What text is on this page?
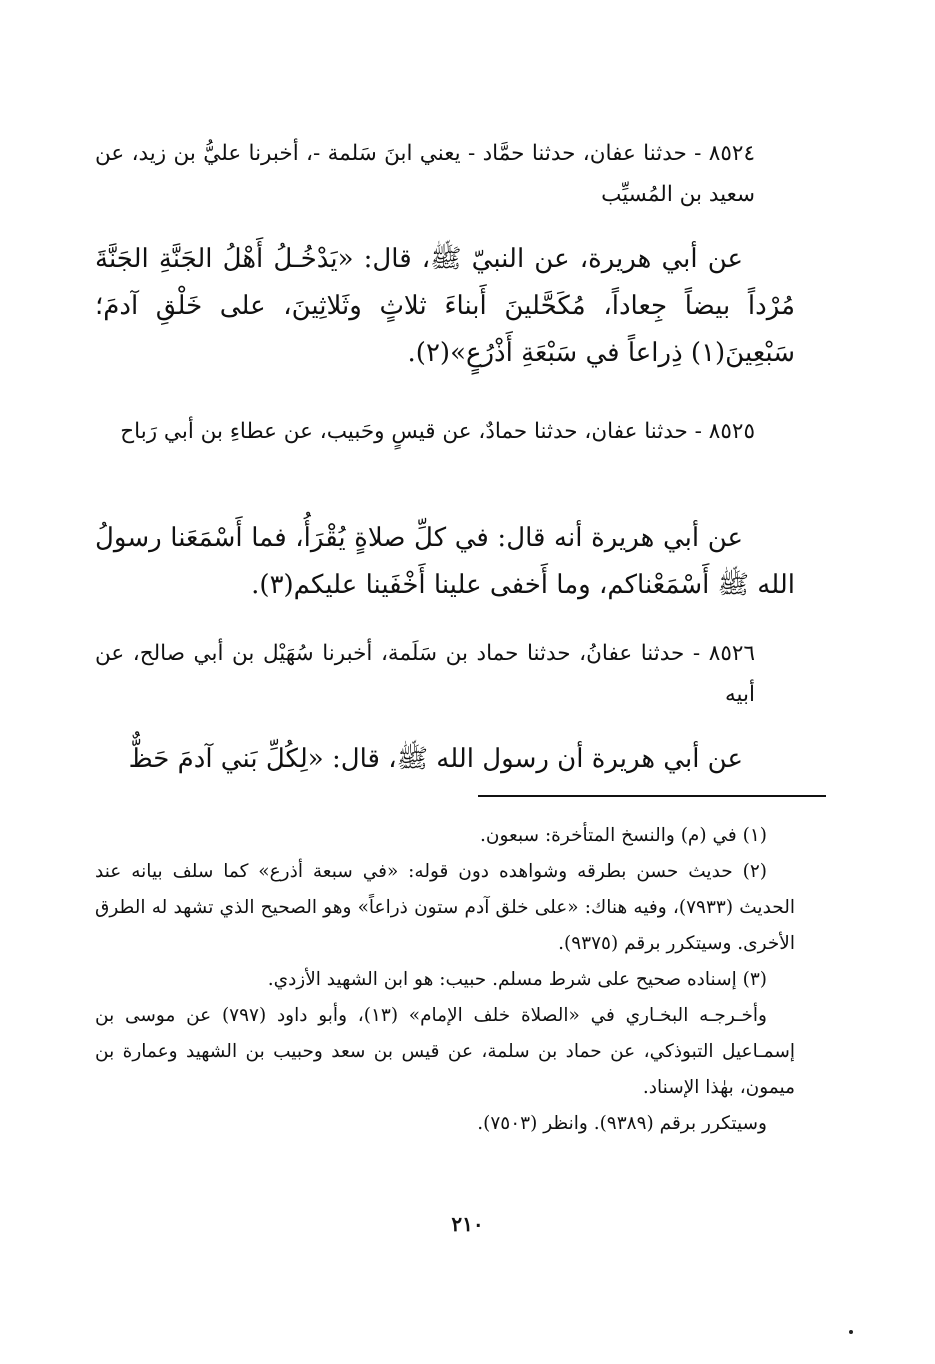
٨٥٢٤ - حدثنا عفان، حدثنا حمَّاد - يعني ابنَ سَلمة -، أخبرنا عليُّ بن زيد، عن سعيد بن المُسيِّب

عن أبي هريرة، عن النبيّ ﷺ، قال: «يَدْخُـلُ أَهْلُ الجَنَّةِ الجَنَّةَ مُرْداً بيضاً جِعاداً، مُكَحَّلينَ أَبناءَ ثلاثٍ وثَلاثِينَ، على خَلْقِ آدمَ؛ سَبْعِينَ(١) ذِراعاً في سَبْعَةِ أَذْرُعٍ»(٢).

٨٥٢٥ - حدثنا عفان، حدثنا حمادٌ، عن قيسٍ وحَبيب، عن عطاءِ بن أبي رَباح

عن أبي هريرة أنه قال: في كلِّ صلاةٍ يُقْرَأُ، فما أَسْمَعَنا رسولُ الله ﷺ أَسْمَعْناكم، وما أَخفى علينا أَخْفَينا عليكم(٣).

٨٥٢٦ - حدثنا عفانُ، حدثنا حماد بن سَلَمة، أخبرنا سُهَيْل بن أبي صالح، عن أبيه

عن أبي هريرة أن رسول الله ﷺ، قال: «لِكُلِّ بَني آدمَ حَظٌّ

(١) في (م) والنسخ المتأخرة: سبعون.

(٢) حديث حسن بطرقه وشواهده دون قوله: «في سبعة أذرع» كما سلف بيانه عند الحديث (٧٩٣٣)، وفيه هناك: «على خلق آدم ستون ذراعاً» وهو الصحيح الذي تشهد له الطرق الأخرى. وسيتكرر برقم (٩٣٧٥).

(٣) إسناده صحيح على شرط مسلم. حبيب: هو ابن الشهيد الأزدي.

وأخـرجـه البخـاري في «الصلاة خلف الإمام» (١٣)، وأبو داود (٧٩٧) عن موسى بن إسمـاعيل التبوذكي، عن حماد بن سلمة، عن قيس بن سعد وحبيب بن الشهيد وعمارة بن ميمون، بهٰذا الإسناد.

وسيتكرر برقم (٩٣٨٩). وانظر (٧٥٠٣).

٢١٠
